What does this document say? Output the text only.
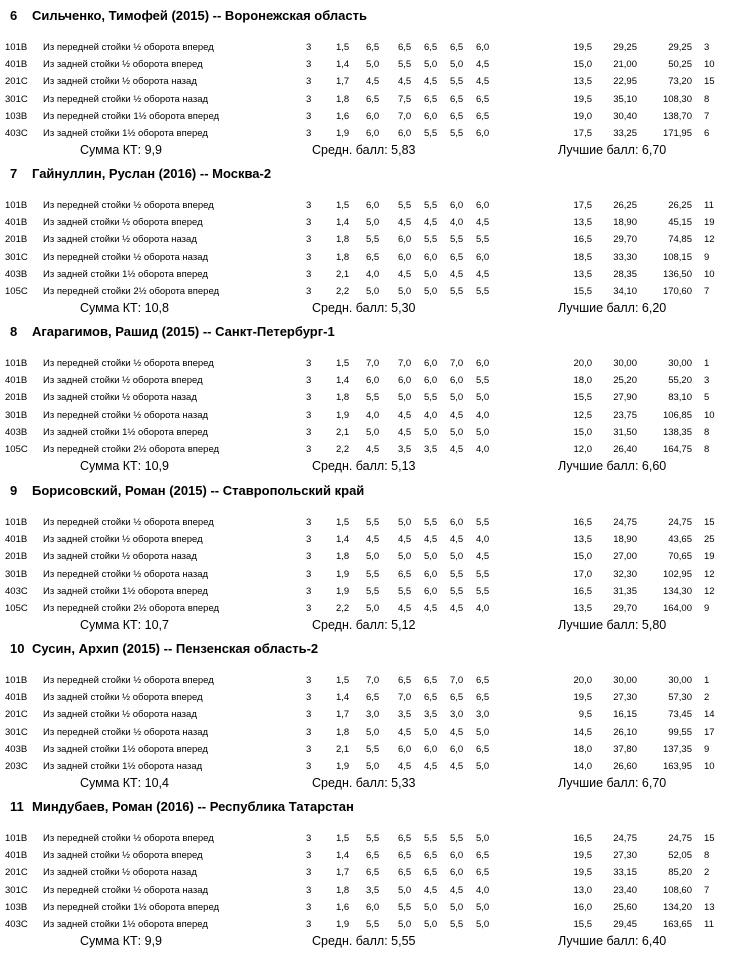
6 Сильченко, Тимофей (2015) -- Воронежская область
101B Из передней стойки ½ оборота вперед	3	1,5 6,5 6,5 6,5 6,5 6,0	19,5 29,25	29,25 3
401B Из задней стойки ½ оборота вперед	3	1,4 5,0 5,5 5,0 5,0 4,5	15,0 21,00	50,25 10
201C Из задней стойки ½ оборота назад	3	1,7 4,5 4,5 4,5 5,5 4,5	13,5 22,95	73,20 15
301C Из передней стойки ½ оборота назад	3	1,8 6,5 7,5 6,5 6,5 6,5	19,5 35,10	108,30 8
103B Из передней стойки 1½ оборота вперед	3	1,6 6,0 7,0 6,0 6,5 6,5	19,0 30,40	138,70 7
403C Из задней стойки 1½ оборота вперед	3	1,9 6,0 6,0 5,5 5,5 6,0	17,5 33,25	171,95 6
Сумма КТ: 9,9	Средн. балл: 5,83	Лучшие балл: 6,70
7 Гайнуллин, Руслан (2016) -- Москва-2
101B Из передней стойки ½ оборота вперед	3	1,5 6,0 5,5 5,5 6,0 6,0	17,5 26,25	26,25 11
401B Из задней стойки ½ оборота вперед	3	1,4 5,0 4,5 4,5 4,0 4,5	13,5 18,90	45,15 19
201B Из задней стойки ½ оборота назад	3	1,8 5,5 6,0 5,5 5,5 5,5	16,5 29,70	74,85 12
301C Из передней стойки ½ оборота назад	3	1,8 6,5 6,0 6,0 6,5 6,0	18,5 33,30	108,15 9
403B Из задней стойки 1½ оборота вперед	3	2,1 4,0 4,5 5,0 4,5 4,5	13,5 28,35	136,50 10
105C Из передней стойки 2½ оборота вперед	3	2,2 5,0 5,0 5,0 5,5 5,5	15,5 34,10	170,60 7
Сумма КТ: 10,8	Средн. балл: 5,30	Лучшие балл: 6,20
8 Агарагимов, Рашид (2015) -- Санкт-Петербург-1
101B Из передней стойки ½ оборота вперед	3	1,5 7,0 7,0 6,0 7,0 6,0	20,0 30,00	30,00 1
401B Из задней стойки ½ оборота вперед	3	1,4 6,0 6,0 6,0 6,0 5,5	18,0 25,20	55,20 3
201B Из задней стойки ½ оборота назад	3	1,8 5,5 5,0 5,5 5,0 5,0	15,5 27,90	83,10 5
301B Из передней стойки ½ оборота назад	3	1,9 4,0 4,5 4,0 4,5 4,0	12,5 23,75	106,85 10
403B Из задней стойки 1½ оборота вперед	3	2,1 5,0 4,5 5,0 5,0 5,0	15,0 31,50	138,35 8
105C Из передней стойки 2½ оборота вперед	3	2,2 4,5 3,5 3,5 4,5 4,0	12,0 26,40	164,75 8
Сумма КТ: 10,9	Средн. балл: 5,13	Лучшие балл: 6,60
9 Борисовский, Роман (2015) -- Ставропольский край
101B Из передней стойки ½ оборота вперед	3	1,5 5,5 5,0 5,5 6,0 5,5	16,5 24,75	24,75 15
401B Из задней стойки ½ оборота вперед	3	1,4 4,5 4,5 4,5 4,5 4,0	13,5 18,90	43,65 25
201B Из задней стойки ½ оборота назад	3	1,8 5,0 5,0 5,0 5,0 4,5	15,0 27,00	70,65 19
301B Из передней стойки ½ оборота назад	3	1,9 5,5 6,5 6,0 5,5 5,5	17,0 32,30	102,95 12
403C Из задней стойки 1½ оборота вперед	3	1,9 5,5 5,5 6,0 5,5 5,5	16,5 31,35	134,30 12
105C Из передней стойки 2½ оборота вперед	3	2,2 5,0 4,5 4,5 4,5 4,0	13,5 29,70	164,00 9
Сумма КТ: 10,7	Средн. балл: 5,12	Лучшие балл: 5,80
10 Сусин, Архип (2015) -- Пензенская область-2
101B Из передней стойки ½ оборота вперед	3	1,5 7,0 6,5 6,5 7,0 6,5	20,0 30,00	30,00 1
401B Из задней стойки ½ оборота вперед	3	1,4 6,5 7,0 6,5 6,5 6,5	19,5 27,30	57,30 2
201C Из задней стойки ½ оборота назад	3	1,7 3,0 3,5 3,5 3,0 3,0	9,5 16,15	73,45 14
301C Из передней стойки ½ оборота назад	3	1,8 5,0 4,5 5,0 4,5 5,0	14,5 26,10	99,55 17
403B Из задней стойки 1½ оборота вперед	3	2,1 5,5 6,0 6,0 6,0 6,5	18,0 37,80	137,35 9
203C Из задней стойки 1½ оборота назад	3	1,9 5,0 4,5 4,5 4,5 5,0	14,0 26,60	163,95 10
Сумма КТ: 10,4	Средн. балл: 5,33	Лучшие балл: 6,70
11 Миндубаев, Роман (2016) -- Республика Татарстан
101B Из передней стойки ½ оборота вперед	3	1,5 5,5 6,5 5,5 5,5 5,0	16,5 24,75	24,75 15
401B Из задней стойки ½ оборота вперед	3	1,4 6,5 6,5 6,5 6,0 6,5	19,5 27,30	52,05 8
201C Из задней стойки ½ оборота назад	3	1,7 6,5 6,5 6,5 6,0 6,5	19,5 33,15	85,20 2
301C Из передней стойки ½ оборота назад	3	1,8 3,5 5,0 4,5 4,5 4,0	13,0 23,40	108,60 7
103B Из передней стойки 1½ оборота вперед	3	1,6 6,0 5,5 5,0 5,0 5,0	16,0 25,60	134,20 13
403C Из задней стойки 1½ оборота вперед	3	1,9 5,5 5,0 5,0 5,5 5,0	15,5 29,45	163,65 11
Сумма КТ: 9,9	Средн. балл: 5,55	Лучшие балл: 6,40
